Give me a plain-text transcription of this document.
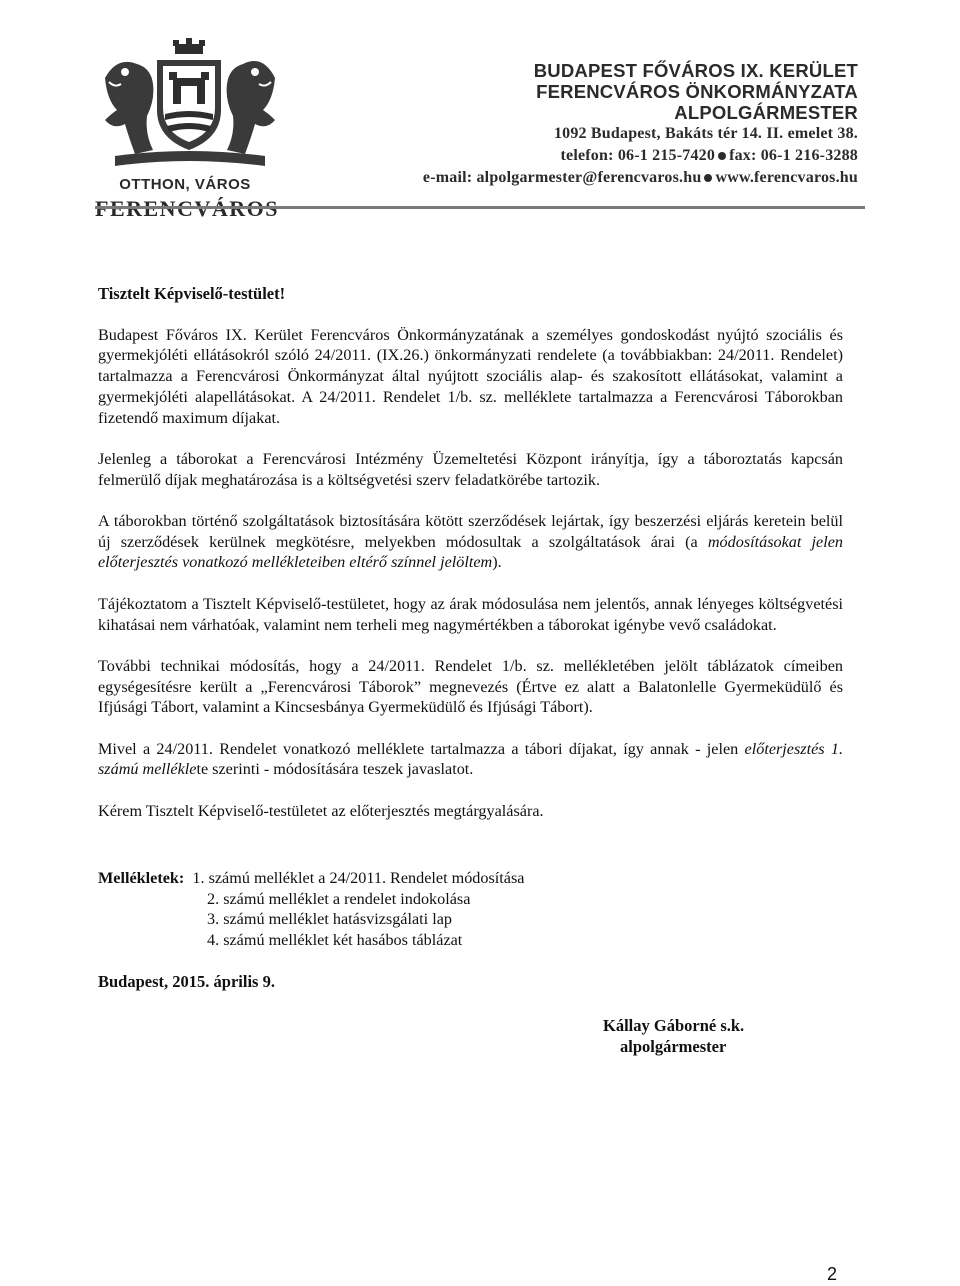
OTTHON, VÁROS
BUDAPEST FŐVÁROS IX. KERÜLET
FERENCVÁROS ÖNKORMÁNYZATA
ALPOLGÁRMESTER
1092 Budapest, Bakáts tér 14. II. emelet 38.
telefon: 06-1 215-7420 fax: 06-1 216-3288
e-mail: alpolgarmester@ferencvaros.hu www.ferencvaros.hu

Tisztelt Képviselő-testület!

Budapest Főváros IX. Kerület Ferencváros Önkormányzatának a személyes gondoskodást nyújtó szociális és gyermekjóléti ellátásokról szóló 24/2011. (IX.26.) önkormányzati rendelete (a továbbiakban: 24/2011. Rendelet) tartalmazza a Ferencvárosi Önkormányzat által nyújtott szociális alap- és szakosított ellátásokat, valamint a gyermekjóléti alapellátásokat. A 24/2011. Rendelet 1/b. sz. melléklete tartalmazza a Ferencvárosi Táborokban fizetendő maximum díjakat.

Jelenleg a táborokat a Ferencvárosi Intézmény Üzemeltetési Központ irányítja, így a táboroztatás kapcsán felmerülő díjak meghatározása is a költségvetési szerv feladatkörébe tartozik.

A táborokban történő szolgáltatások biztosítására kötött szerződések lejártak, így beszerzési eljárás keretein belül új szerződések kerülnek megkötésre, melyekben módosultak a szolgáltatások árai (a módosításokat jelen előterjesztés vonatkozó mellékleteiben eltérő színnel jelöltem).

Tájékoztatom a Tisztelt Képviselő-testületet, hogy az árak módosulása nem jelentős, annak lényeges költségvetési kihatásai nem várhatóak, valamint nem terheli meg nagymértékben a táborokat igénybe vevő családokat.

További technikai módosítás, hogy a 24/2011. Rendelet 1/b. sz. mellékletében jelölt táblázatok címeiben egységesítésre került a „Ferencvárosi Táborok” megnevezés (Értve ez alatt a Balatonlelle Gyermeküdülő és Ifjúsági Tábort, valamint a Kincsesbánya Gyermeküdülő és Ifjúsági Tábort).

Mivel a 24/2011. Rendelet vonatkozó melléklete tartalmazza a tábori díjakat, így annak - jelen előterjesztés 1. számú melléklete szerinti - módosítására teszek javaslatot.

Kérem Tisztelt Képviselő-testületet az előterjesztés megtárgyalására.

Mellékletek: 1. számú melléklet a 24/2011. Rendelet módosítása
2. számú melléklet a rendelet indokolása
3. számú melléklet hatásvizsgálati lap
4. számú melléklet két hasábos táblázat
Budapest, 2015. április 9.
Kállay Gáborné s.k.
alpolgármester
2
